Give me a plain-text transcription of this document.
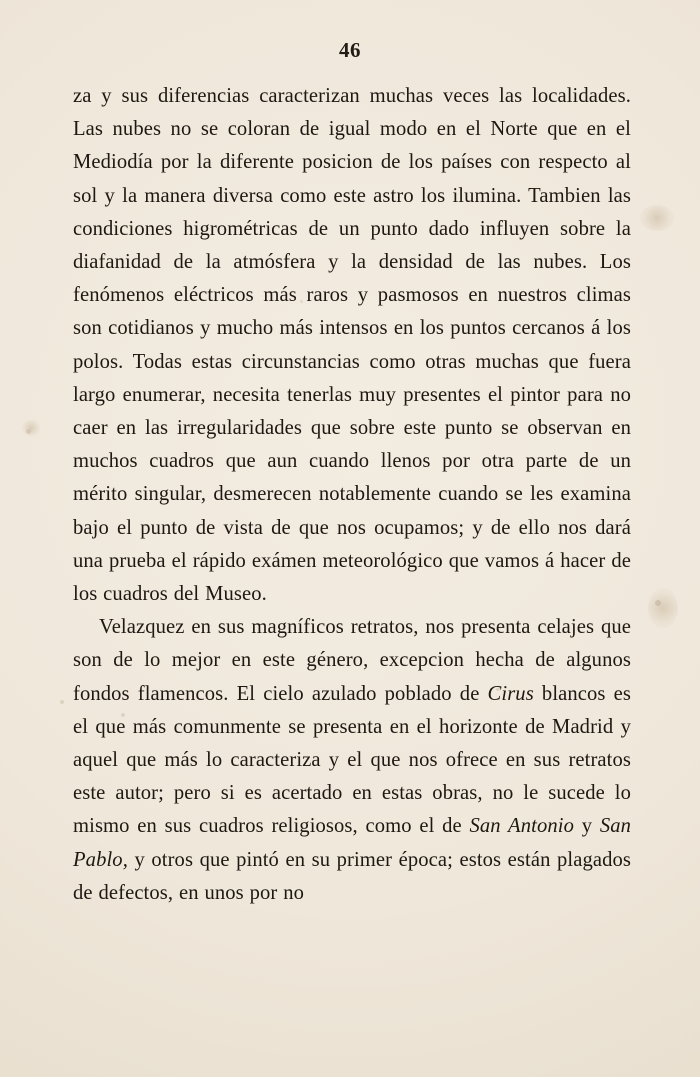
46

za y sus diferencias caracterizan muchas veces las localidades. Las nubes no se coloran de igual modo en el Norte que en el Mediodía por la diferente posicion de los países con respecto al sol y la manera diversa como este astro los ilumina. Tambien las condiciones higrométricas de un punto dado influyen sobre la diafanidad de la atmósfera y la densidad de las nubes. Los fenómenos eléctricos más raros y pasmosos en nuestros climas son cotidianos y mucho más intensos en los puntos cercanos á los polos. Todas estas circunstancias como otras muchas que fuera largo enumerar, necesita tenerlas muy presentes el pintor para no caer en las irregularidades que sobre este punto se observan en muchos cuadros que aun cuando llenos por otra parte de un mérito singular, desmerecen notablemente cuando se les examina bajo el punto de vista de que nos ocupamos; y de ello nos dará una prueba el rápido exámen meteorológico que vamos á hacer de los cuadros del Museo.

Velazquez en sus magníficos retratos, nos presenta celajes que son de lo mejor en este género, excepcion hecha de algunos fondos flamencos. El cielo azulado poblado de Cirus blancos es el que más comunmente se presenta en el horizonte de Madrid y aquel que más lo caracteriza y el que nos ofrece en sus retratos este autor; pero si es acertado en estas obras, no le sucede lo mismo en sus cuadros religiosos, como el de San Antonio y San Pablo, y otros que pintó en su primer época; estos están plagados de defectos, en unos por no
